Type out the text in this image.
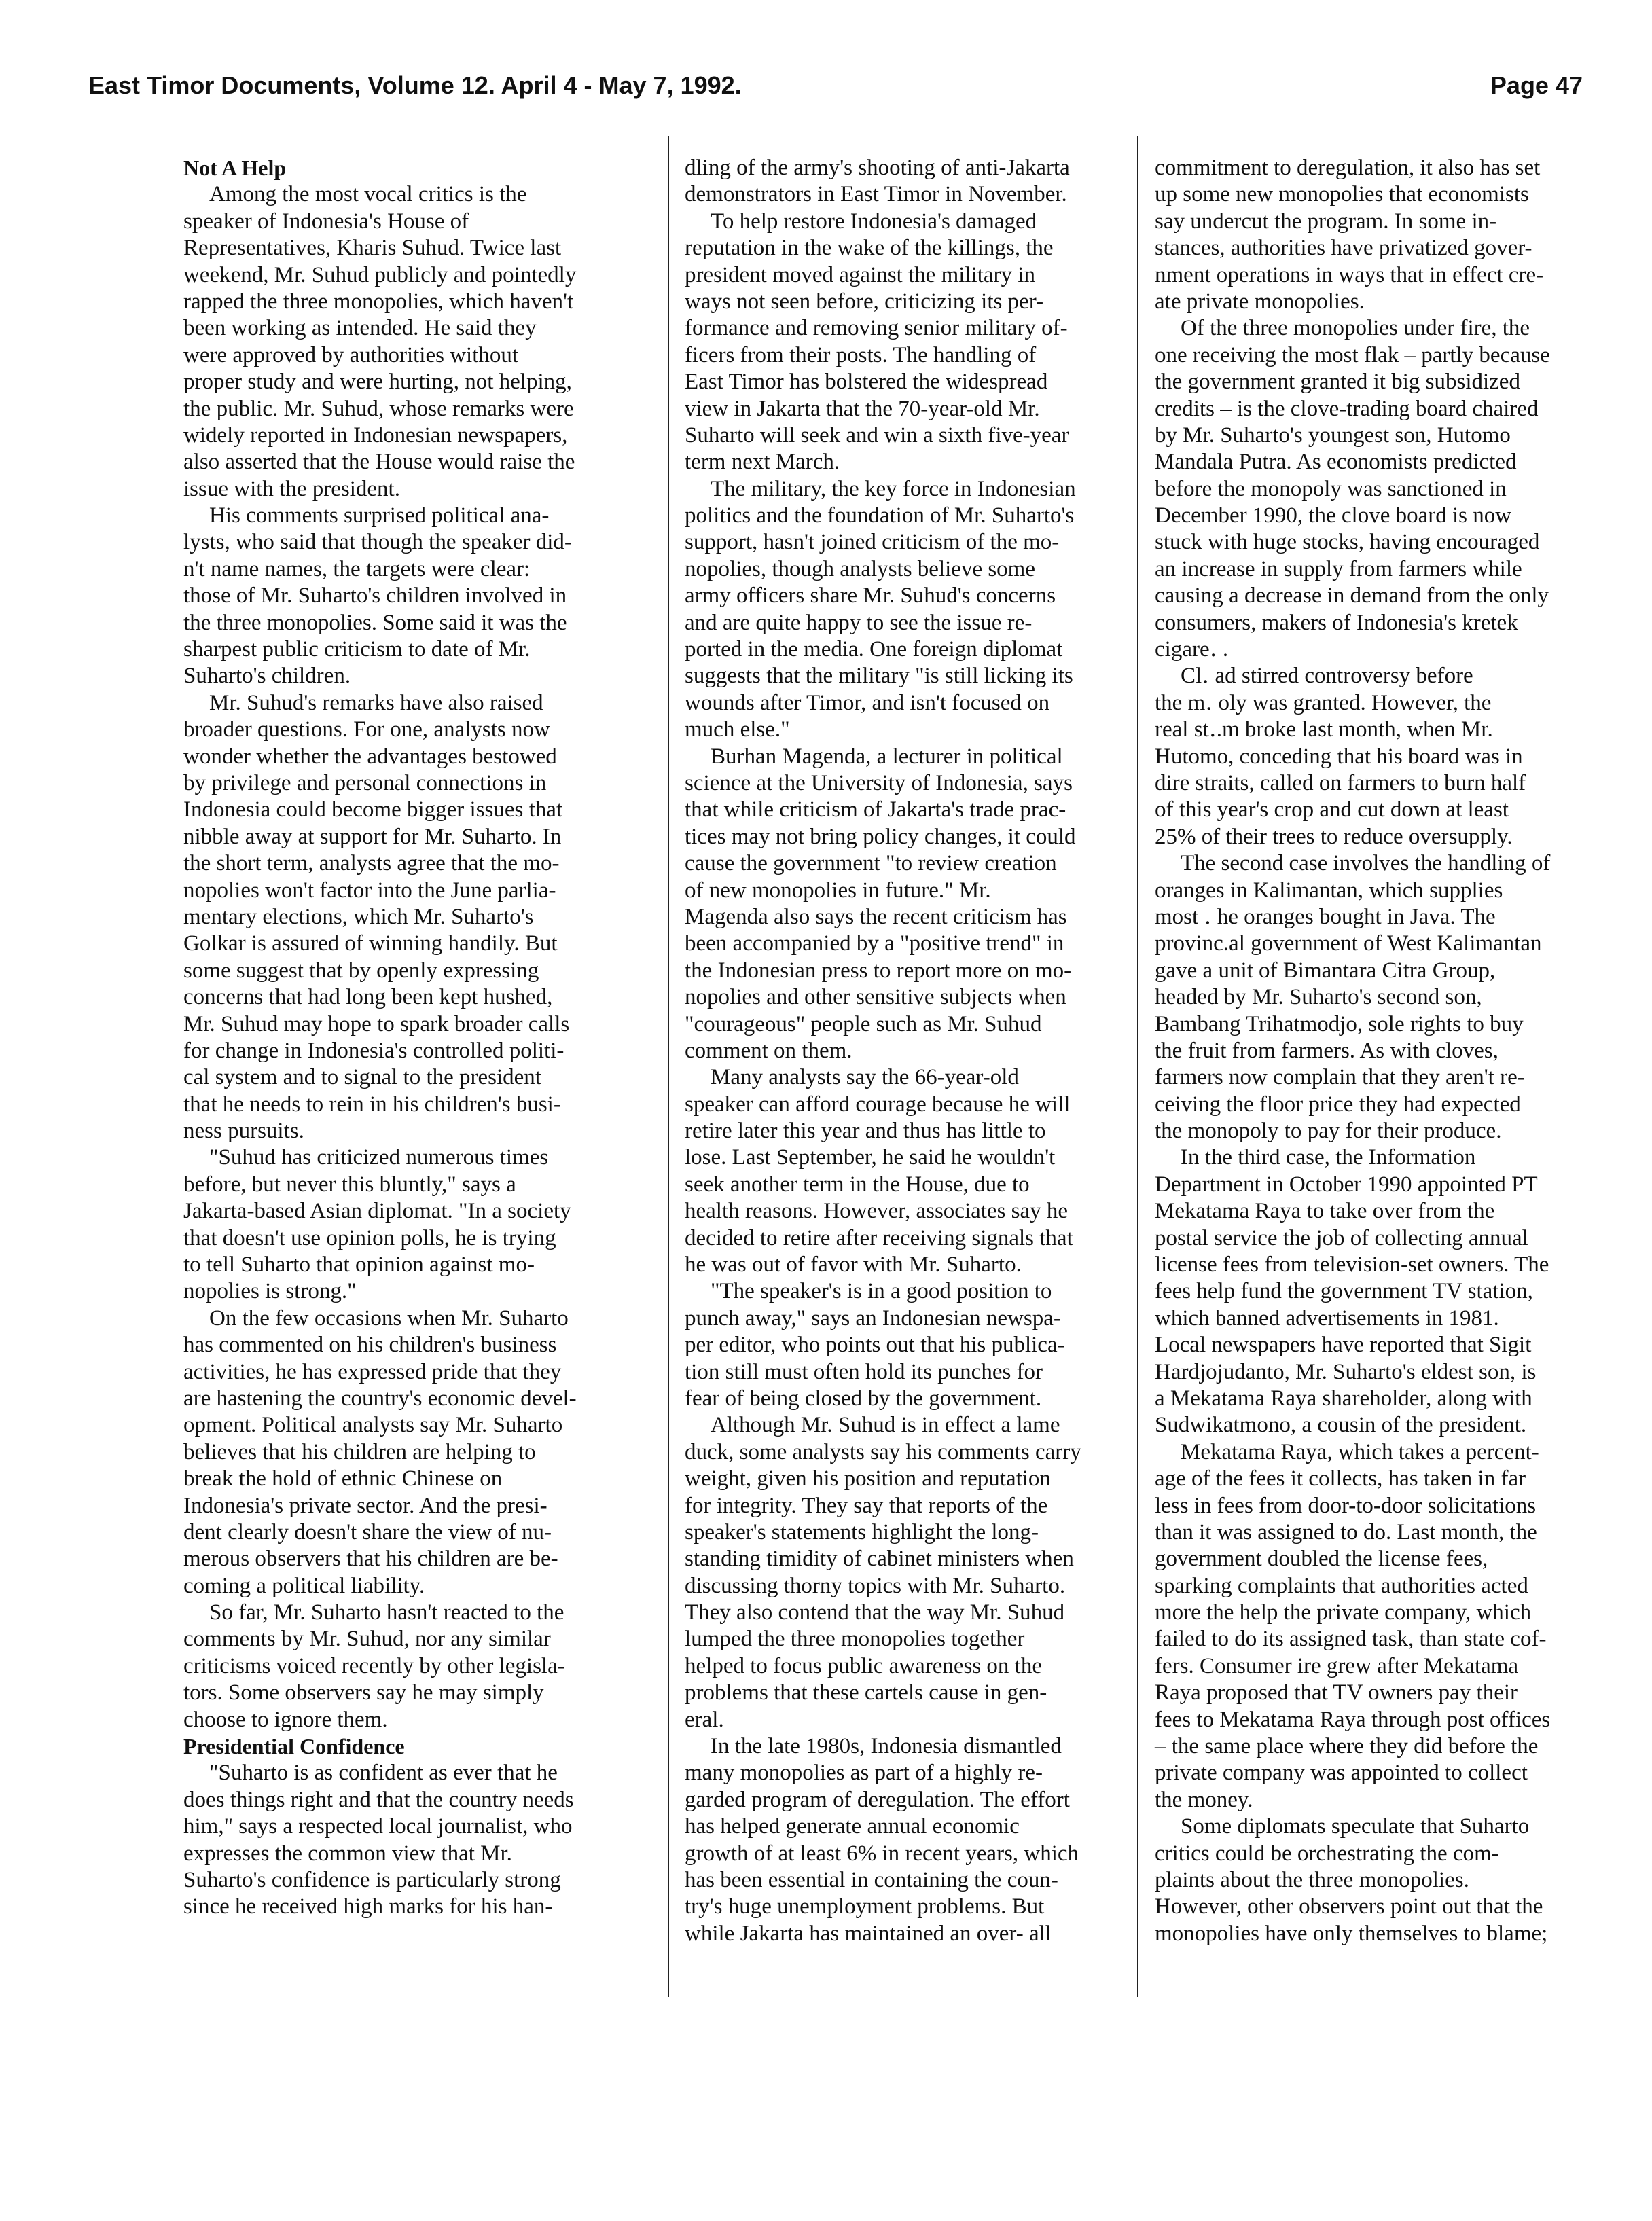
East Timor Documents, Volume 12. April 4 - May 7, 1992.	Page 47
Not A Help
Among the most vocal critics is the
speaker of Indonesia's House of
Representatives, Kharis Suhud. Twice last
weekend, Mr. Suhud publicly and pointedly
rapped the three monopolies, which haven't
been working as intended. He said they
were approved by authorities without
proper study and were hurting, not helping,
the public. Mr. Suhud, whose remarks were
widely reported in Indonesian newspapers,
also asserted that the House would raise the
issue with the president.
His comments surprised political ana-
lysts, who said that though the speaker did-
n't name names, the targets were clear:
those of Mr. Suharto's children involved in
the three monopolies. Some said it was the
sharpest public criticism to date of Mr.
Suharto's children.
Mr. Suhud's remarks have also raised
broader questions. For one, analysts now
wonder whether the advantages bestowed
by privilege and personal connections in
Indonesia could become bigger issues that
nibble away at support for Mr. Suharto. In
the short term, analysts agree that the mo-
nopolies won't factor into the June parlia-
mentary elections, which Mr. Suharto's
Golkar is assured of winning handily. But
some suggest that by openly expressing
concerns that had long been kept hushed,
Mr. Suhud may hope to spark broader calls
for change in Indonesia's controlled politi-
cal system and to signal to the president
that he needs to rein in his children's busi-
ness pursuits.
"Suhud has criticized numerous times
before, but never this bluntly," says a
Jakarta-based Asian diplomat. "In a society
that doesn't use opinion polls, he is trying
to tell Suharto that opinion against mo-
nopolies is strong."
On the few occasions when Mr. Suharto
has commented on his children's business
activities, he has expressed pride that they
are hastening the country's economic devel-
opment. Political analysts say Mr. Suharto
believes that his children are helping to
break the hold of ethnic Chinese on
Indonesia's private sector. And the presi-
dent clearly doesn't share the view of nu-
merous observers that his children are be-
coming a political liability.
So far, Mr. Suharto hasn't reacted to the
comments by Mr. Suhud, nor any similar
criticisms voiced recently by other legisla-
tors. Some observers say he may simply
choose to ignore them.
Presidential Confidence
"Suharto is as confident as ever that he
does things right and that the country needs
him," says a respected local journalist, who
expresses the common view that Mr.
Suharto's confidence is particularly strong
since he received high marks for his han-
dling of the army's shooting of anti-Jakarta
demonstrators in East Timor in November.
To help restore Indonesia's damaged
reputation in the wake of the killings, the
president moved against the military in
ways not seen before, criticizing its per-
formance and removing senior military of-
ficers from their posts. The handling of
East Timor has bolstered the widespread
view in Jakarta that the 70-year-old Mr.
Suharto will seek and win a sixth five-year
term next March.
The military, the key force in Indonesian
politics and the foundation of Mr. Suharto's
support, hasn't joined criticism of the mo-
nopolies, though analysts believe some
army officers share Mr. Suhud's concerns
and are quite happy to see the issue re-
ported in the media. One foreign diplomat
suggests that the military "is still licking its
wounds after Timor, and isn't focused on
much else."
Burhan Magenda, a lecturer in political
science at the University of Indonesia, says
that while criticism of Jakarta's trade prac-
tices may not bring policy changes, it could
cause the government "to review creation
of new monopolies in future." Mr.
Magenda also says the recent criticism has
been accompanied by a "positive trend" in
the Indonesian press to report more on mo-
nopolies and other sensitive subjects when
"courageous" people such as Mr. Suhud
comment on them.
Many analysts say the 66-year-old
speaker can afford courage because he will
retire later this year and thus has little to
lose. Last September, he said he wouldn't
seek another term in the House, due to
health reasons. However, associates say he
decided to retire after receiving signals that
he was out of favor with Mr. Suharto.
"The speaker's is in a good position to
punch away," says an Indonesian newspa-
per editor, who points out that his publica-
tion still must often hold its punches for
fear of being closed by the government.
Although Mr. Suhud is in effect a lame
duck, some analysts say his comments carry
weight, given his position and reputation
for integrity. They say that reports of the
speaker's statements highlight the long-
standing timidity of cabinet ministers when
discussing thorny topics with Mr. Suharto.
They also contend that the way Mr. Suhud
lumped the three monopolies together
helped to focus public awareness on the
problems that these cartels cause in gen-
eral.
In the late 1980s, Indonesia dismantled
many monopolies as part of a highly re-
garded program of deregulation. The effort
has helped generate annual economic
growth of at least 6% in recent years, which
has been essential in containing the coun-
try's huge unemployment problems. But
while Jakarta has maintained an over- all
commitment to deregulation, it also has set
up some new monopolies that economists
say undercut the program. In some in-
stances, authorities have privatized gover-
nment operations in ways that in effect cre-
ate private monopolies.
Of the three monopolies under fire, the
one receiving the most flak – partly because
the government granted it big subsidized
credits – is the clove-trading board chaired
by Mr. Suharto's youngest son, Hutomo
Mandala Putra. As economists predicted
before the monopoly was sanctioned in
December 1990, the clove board is now
stuck with huge stocks, having encouraged
an increase in supply from farmers while
causing a decrease in demand from the only
consumers, makers of Indonesia's kretek
cigare․ .
Cl․ ad stirred controversy before
the m․ oly was granted. However, the
real st․.m broke last month, when Mr.
Hutomo, conceding that his board was in
dire straits, called on farmers to burn half
of this year's crop and cut down at least
25% of their trees to reduce oversupply.
The second case involves the handling of
oranges in Kalimantan, which supplies
most ․ he oranges bought in Java. The
provinc.al government of West Kalimantan
gave a unit of Bimantara Citra Group,
headed by Mr. Suharto's second son,
Bambang Trihatmodjo, sole rights to buy
the fruit from farmers. As with cloves,
farmers now complain that they aren't re-
ceiving the floor price they had expected
the monopoly to pay for their produce.
In the third case, the Information
Department in October 1990 appointed PT
Mekatama Raya to take over from the
postal service the job of collecting annual
license fees from television-set owners. The
fees help fund the government TV station,
which banned advertisements in 1981.
Local newspapers have reported that Sigit
Hardjojudanto, Mr. Suharto's eldest son, is
a Mekatama Raya shareholder, along with
Sudwikatmono, a cousin of the president.
Mekatama Raya, which takes a percent-
age of the fees it collects, has taken in far
less in fees from door-to-door solicitations
than it was assigned to do. Last month, the
government doubled the license fees,
sparking complaints that authorities acted
more the help the private company, which
failed to do its assigned task, than state cof-
fers. Consumer ire grew after Mekatama
Raya proposed that TV owners pay their
fees to Mekatama Raya through post offices
– the same place where they did before the
private company was appointed to collect
the money.
Some diplomats speculate that Suharto
critics could be orchestrating the com-
plaints about the three monopolies.
However, other observers point out that the
monopolies have only themselves to blame;
